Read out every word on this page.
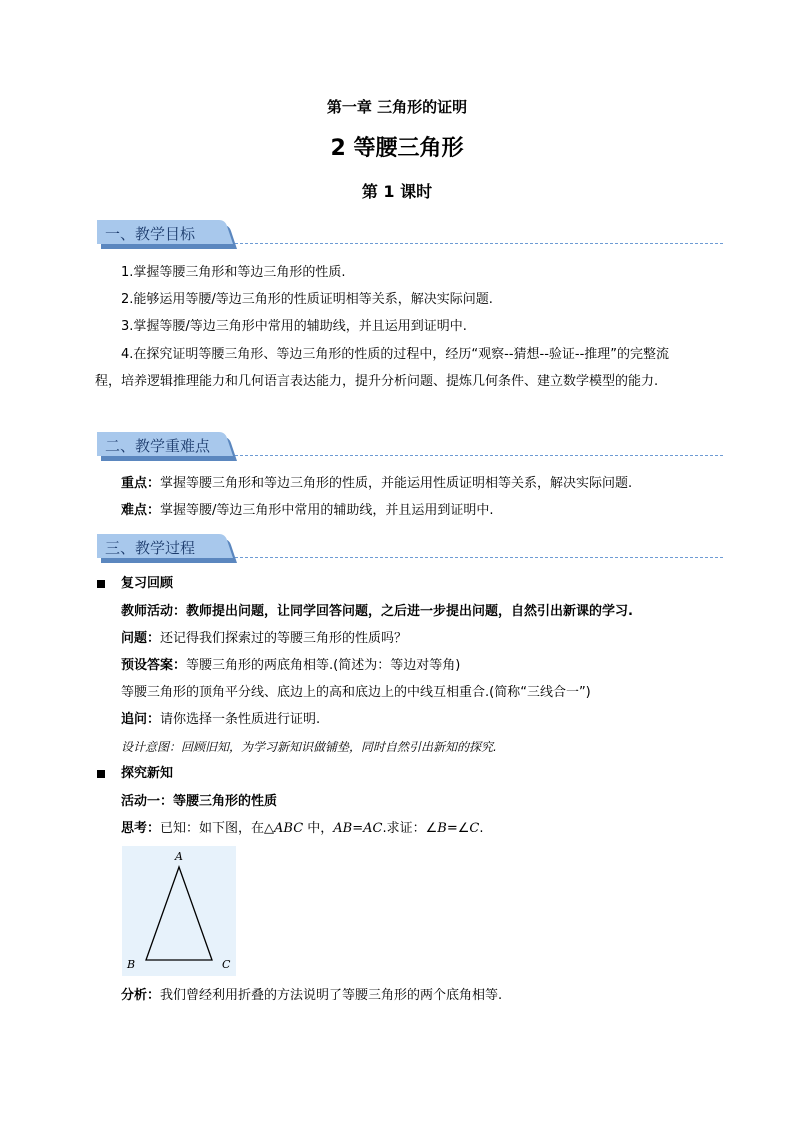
第一章 三角形的证明
2 等腰三角形
第 1 课时
一、教学目标
1.掌握等腰三角形和等边三角形的性质.
2.能够运用等腰/等边三角形的性质证明相等关系，解决实际问题.
3.掌握等腰/等边三角形中常用的辅助线，并且运用到证明中.
4.在探究证明等腰三角形、等边三角形的性质的过程中，经历“观察--猜想--验证--推理”的完整流程，培养逻辑推理能力和几何语言表达能力，提升分析问题、提炼几何条件、建立数学模型的能力.
二、教学重难点
重点：掌握等腰三角形和等边三角形的性质，并能运用性质证明相等关系，解决实际问题.
难点：掌握等腰/等边三角形中常用的辅助线，并且运用到证明中.
三、教学过程
复习回顾
教师活动：教师提出问题，让同学回答问题，之后进一步提出问题，自然引出新课的学习.
问题：还记得我们探索过的等腰三角形的性质吗？
预设答案：等腰三角形的两底角相等.(简述为：等边对等角)
等腰三角形的顶角平分线、底边上的高和底边上的中线互相重合.(简称“三线合一”)
追问：请你选择一条性质进行证明.
设计意图：回顾旧知，为学习新知识做铺垫，同时自然引出新知的探究.
探究新知
活动一：等腰三角形的性质
思考：已知：如下图，在△ABC 中，AB=AC.求证：∠B=∠C.
A
B	C
分析：我们曾经利用折叠的方法说明了等腰三角形的两个底角相等.
